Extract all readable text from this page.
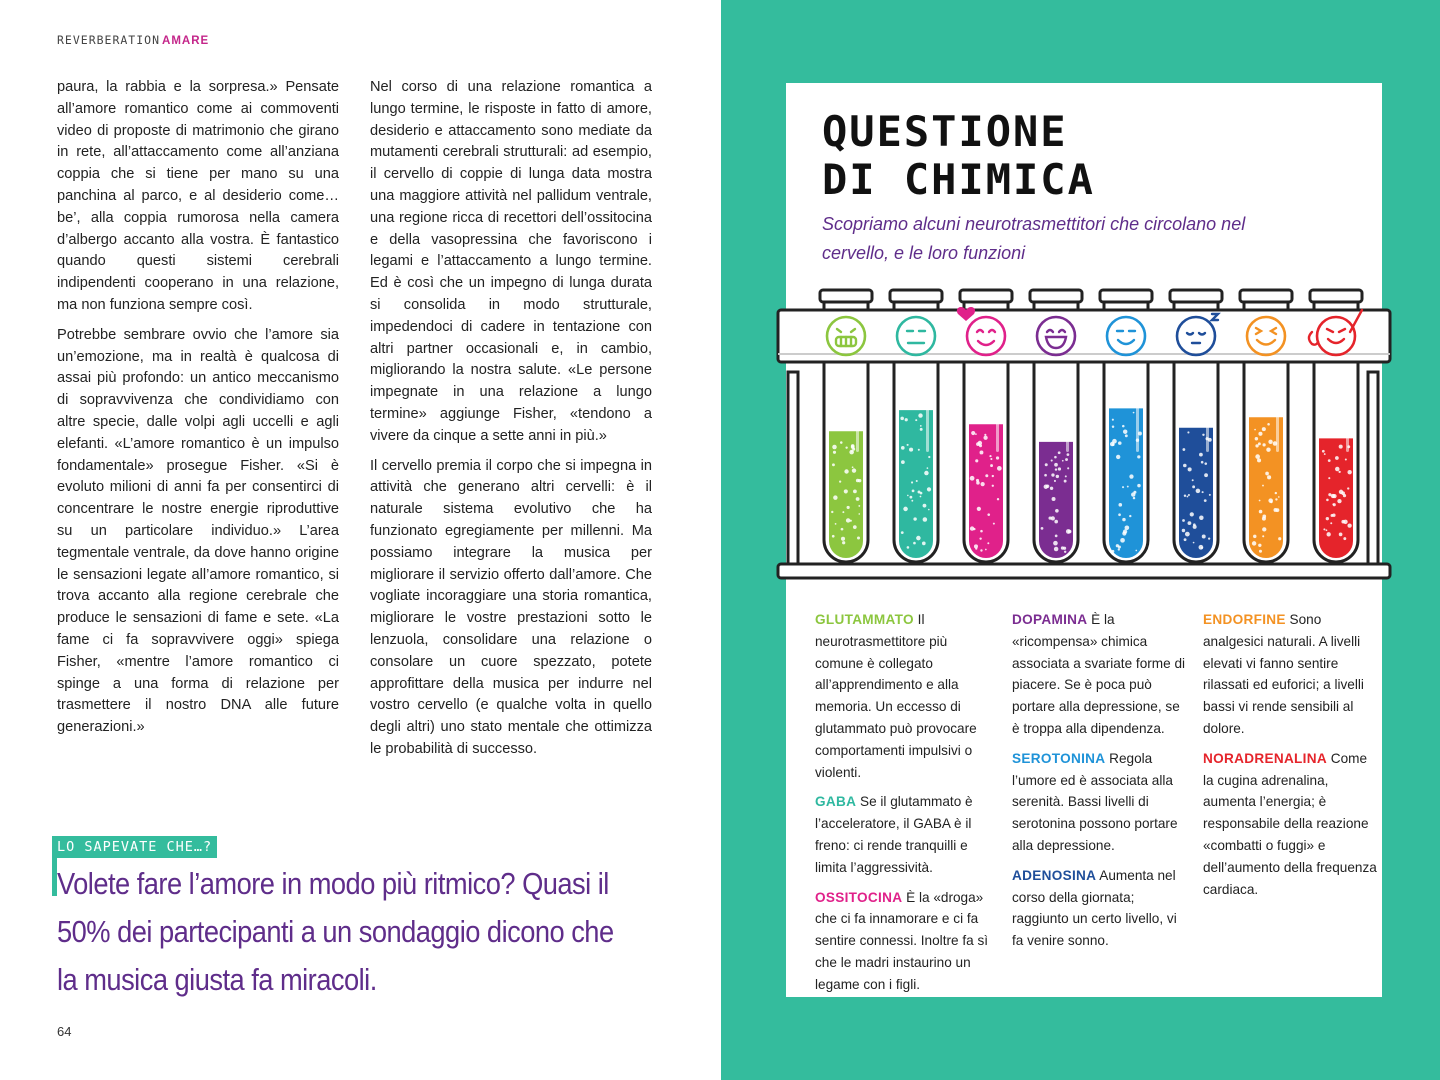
REVERBERATION AMARE

paura, la rabbia e la sorpresa.» Pensate all’amore romantico come ai commoventi video di proposte di matrimonio che girano in rete, all’attaccamento come all’anziana coppia che si tiene per mano su una panchina al parco, e al desiderio come… be’, alla coppia rumorosa nella camera d’albergo accanto alla vostra. È fantastico quando questi sistemi cerebrali indipendenti cooperano in una relazione, ma non funziona sempre così.

Potrebbe sembrare ovvio che l’amore sia un’emozione, ma in realtà è qualcosa di assai più profondo: un antico meccanismo di sopravvivenza che condividiamo con altre specie, dalle volpi agli uccelli e agli elefanti. «L’amore romantico è un impulso fondamentale» prosegue Fisher. «Si è evoluto milioni di anni fa per consentirci di concentrare le nostre energie riproduttive su un particolare individuo.» L’area tegmentale ventrale, da dove hanno origine le sensazioni legate all’amore romantico, si trova accanto alla regione cerebrale che produce le sensazioni di fame e sete. «La fame ci fa sopravvivere oggi» spiega Fisher, «mentre l’amore romantico ci spinge a una forma di relazione per trasmettere il nostro DNA alle future generazioni.»

Nel corso di una relazione romantica a lungo termine, le risposte in fatto di amore, desiderio e attaccamento sono mediate da mutamenti cerebrali strutturali: ad esempio, il cervello di coppie di lunga data mostra una maggiore attività nel pallidum ventrale, una regione ricca di recettori dell’ossitocina e della vasopressina che favoriscono i legami e l’attaccamento a lungo termine. Ed è così che un impegno di lunga durata si consolida in modo strutturale, impedendoci di cadere in tentazione con altri partner occasionali e, in cambio, migliorando la nostra salute. «Le persone impegnate in una relazione a lungo termine» aggiunge Fisher, «tendono a vivere da cinque a sette anni in più.»

Il cervello premia il corpo che si impegna in attività che generano altri cervelli: è il naturale sistema evolutivo che ha funzionato egregiamente per millenni. Ma possiamo integrare la musica per migliorare il servizio offerto dall’amore. Che vogliate incoraggiare una storia romantica, migliorare le vostre prestazioni sotto le lenzuola, consolidare una relazione o consolare un cuore spezzato, potete approfittare della musica per indurre nel vostro cervello (e qualche volta in quello degli altri) uno stato mentale che ottimizza le probabilità di successo.

LO SAPEVATE CHE…?
Volete fare l’amore in modo più ritmico? Quasi il 50% dei partecipanti a un sondaggio dicono che la musica giusta fa miracoli.
64
QUESTIONE
DI CHIMICA
Scopriamo alcuni neurotrasmettitori che circolano nel cervello, e le loro funzioni

GLUTAMMATO Il neurotrasmettitore più comune è collegato all’apprendimento e alla memoria. Un eccesso di glutammato può provocare comportamenti impulsivi o violenti.

GABA Se il glutammato è l’acceleratore, il GABA è il freno: ci rende tranquilli e limita l’aggressività.

OSSITOCINA È la «droga» che ci fa innamorare e ci fa sentire connessi. Inoltre fa sì che le madri instaurino un legame con i figli.

DOPAMINA È la «ricompensa» chimica associata a svariate forme di piacere. Se è poca può portare alla depressione, se è troppa alla dipendenza.

SEROTONINA Regola l’umore ed è associata alla serenità. Bassi livelli di serotonina possono portare alla depressione.

ADENOSINA Aumenta nel corso della giornata; raggiunto un certo livello, vi fa venire sonno.

ENDORFINE Sono analgesici naturali. A livelli elevati vi fanno sentire rilassati ed euforici; a livelli bassi vi rende sensibili al dolore.

NORADRENALINA Come la cugina adrenalina, aumenta l’energia; è responsabile della reazione «combatti o fuggi» e dell’aumento della frequenza cardiaca.
